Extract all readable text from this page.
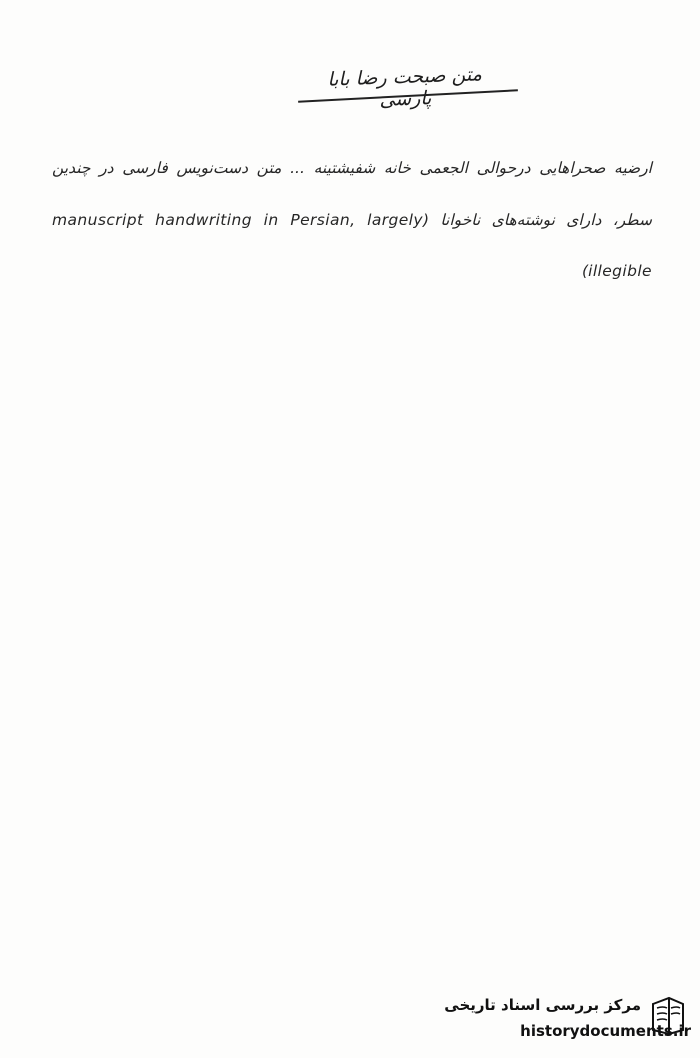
متن صبحت رضا بابا پارسی

ارضیه صحراهایی درحوالی الجعمی خانه شفیشتینه ... متن دست‌نویس فارسی در چندین سطر، دارای نوشته‌های ناخوانا (manuscript handwriting in Persian, largely illegible)

مرکز بررسی اسناد تاریخی
historydocuments.ir
